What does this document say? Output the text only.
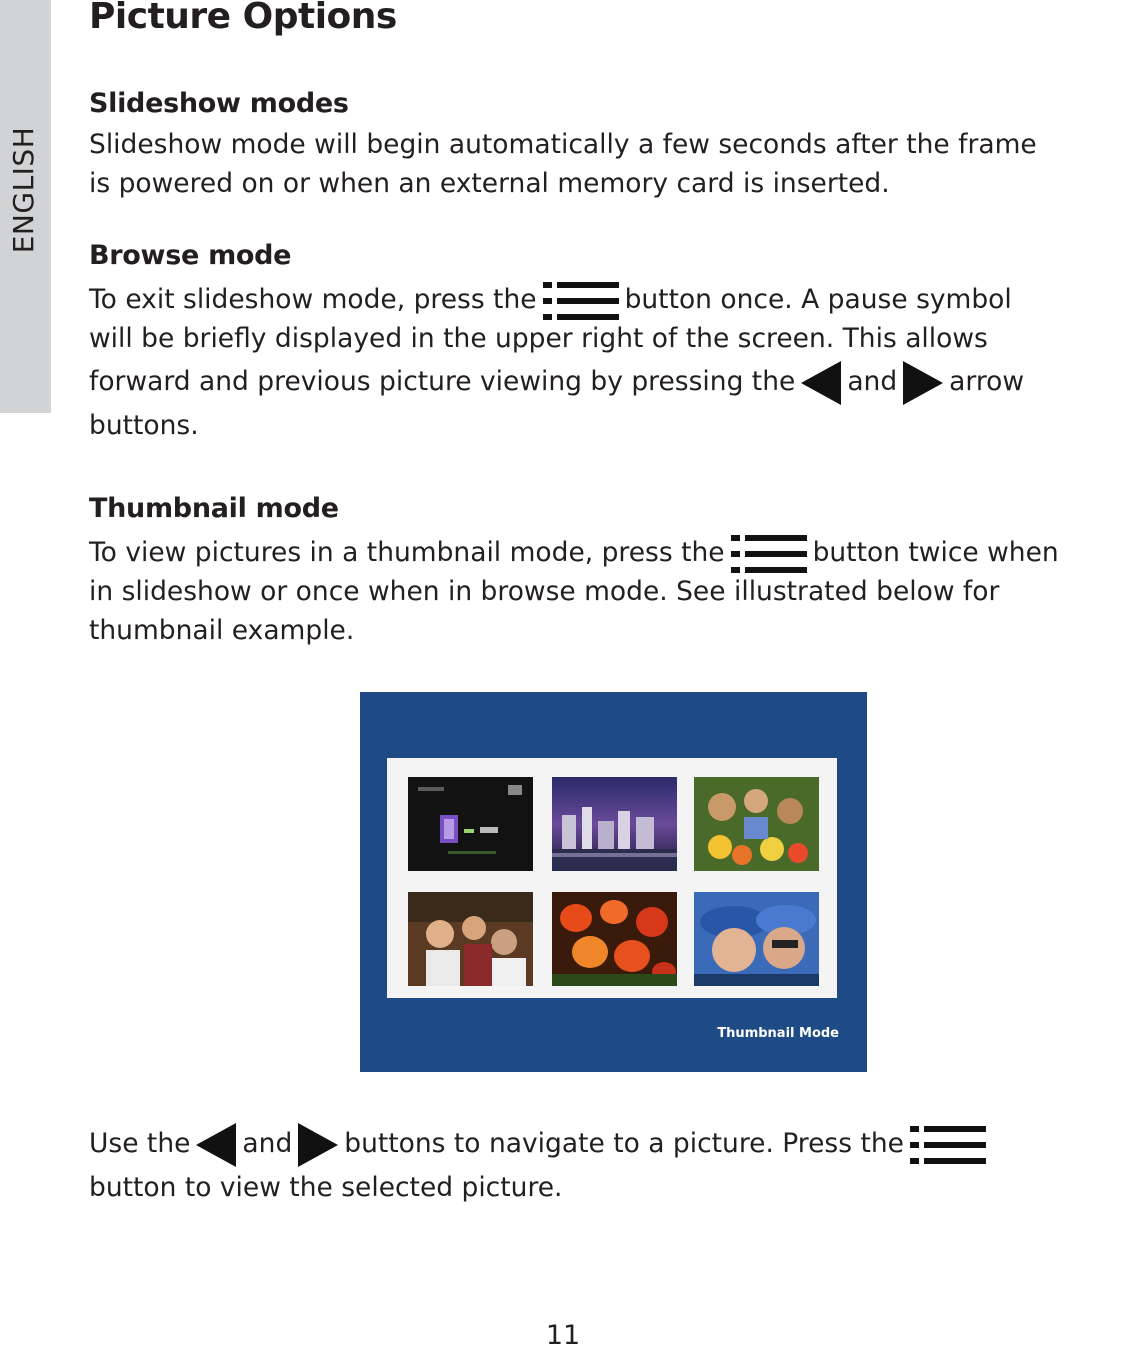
ENGLISH
Picture Options
Slideshow modes
Slideshow mode will begin automatically a few seconds after the frame
is powered on or when an external memory card is inserted.
Browse mode
To exit slideshow mode, press the	button once. A pause symbol
will be briefly displayed in the upper right of the screen. This allows
forward and previous picture viewing by pressing the and arrow
buttons.
Thumbnail mode
To view pictures in a thumbnail mode, press the	button twice when
in slideshow or once when in browse mode. See illustrated below for
thumbnail example.
Thumbnail Mode
Use the and buttons to navigate to a picture. Press the
button to view the selected picture.
11
